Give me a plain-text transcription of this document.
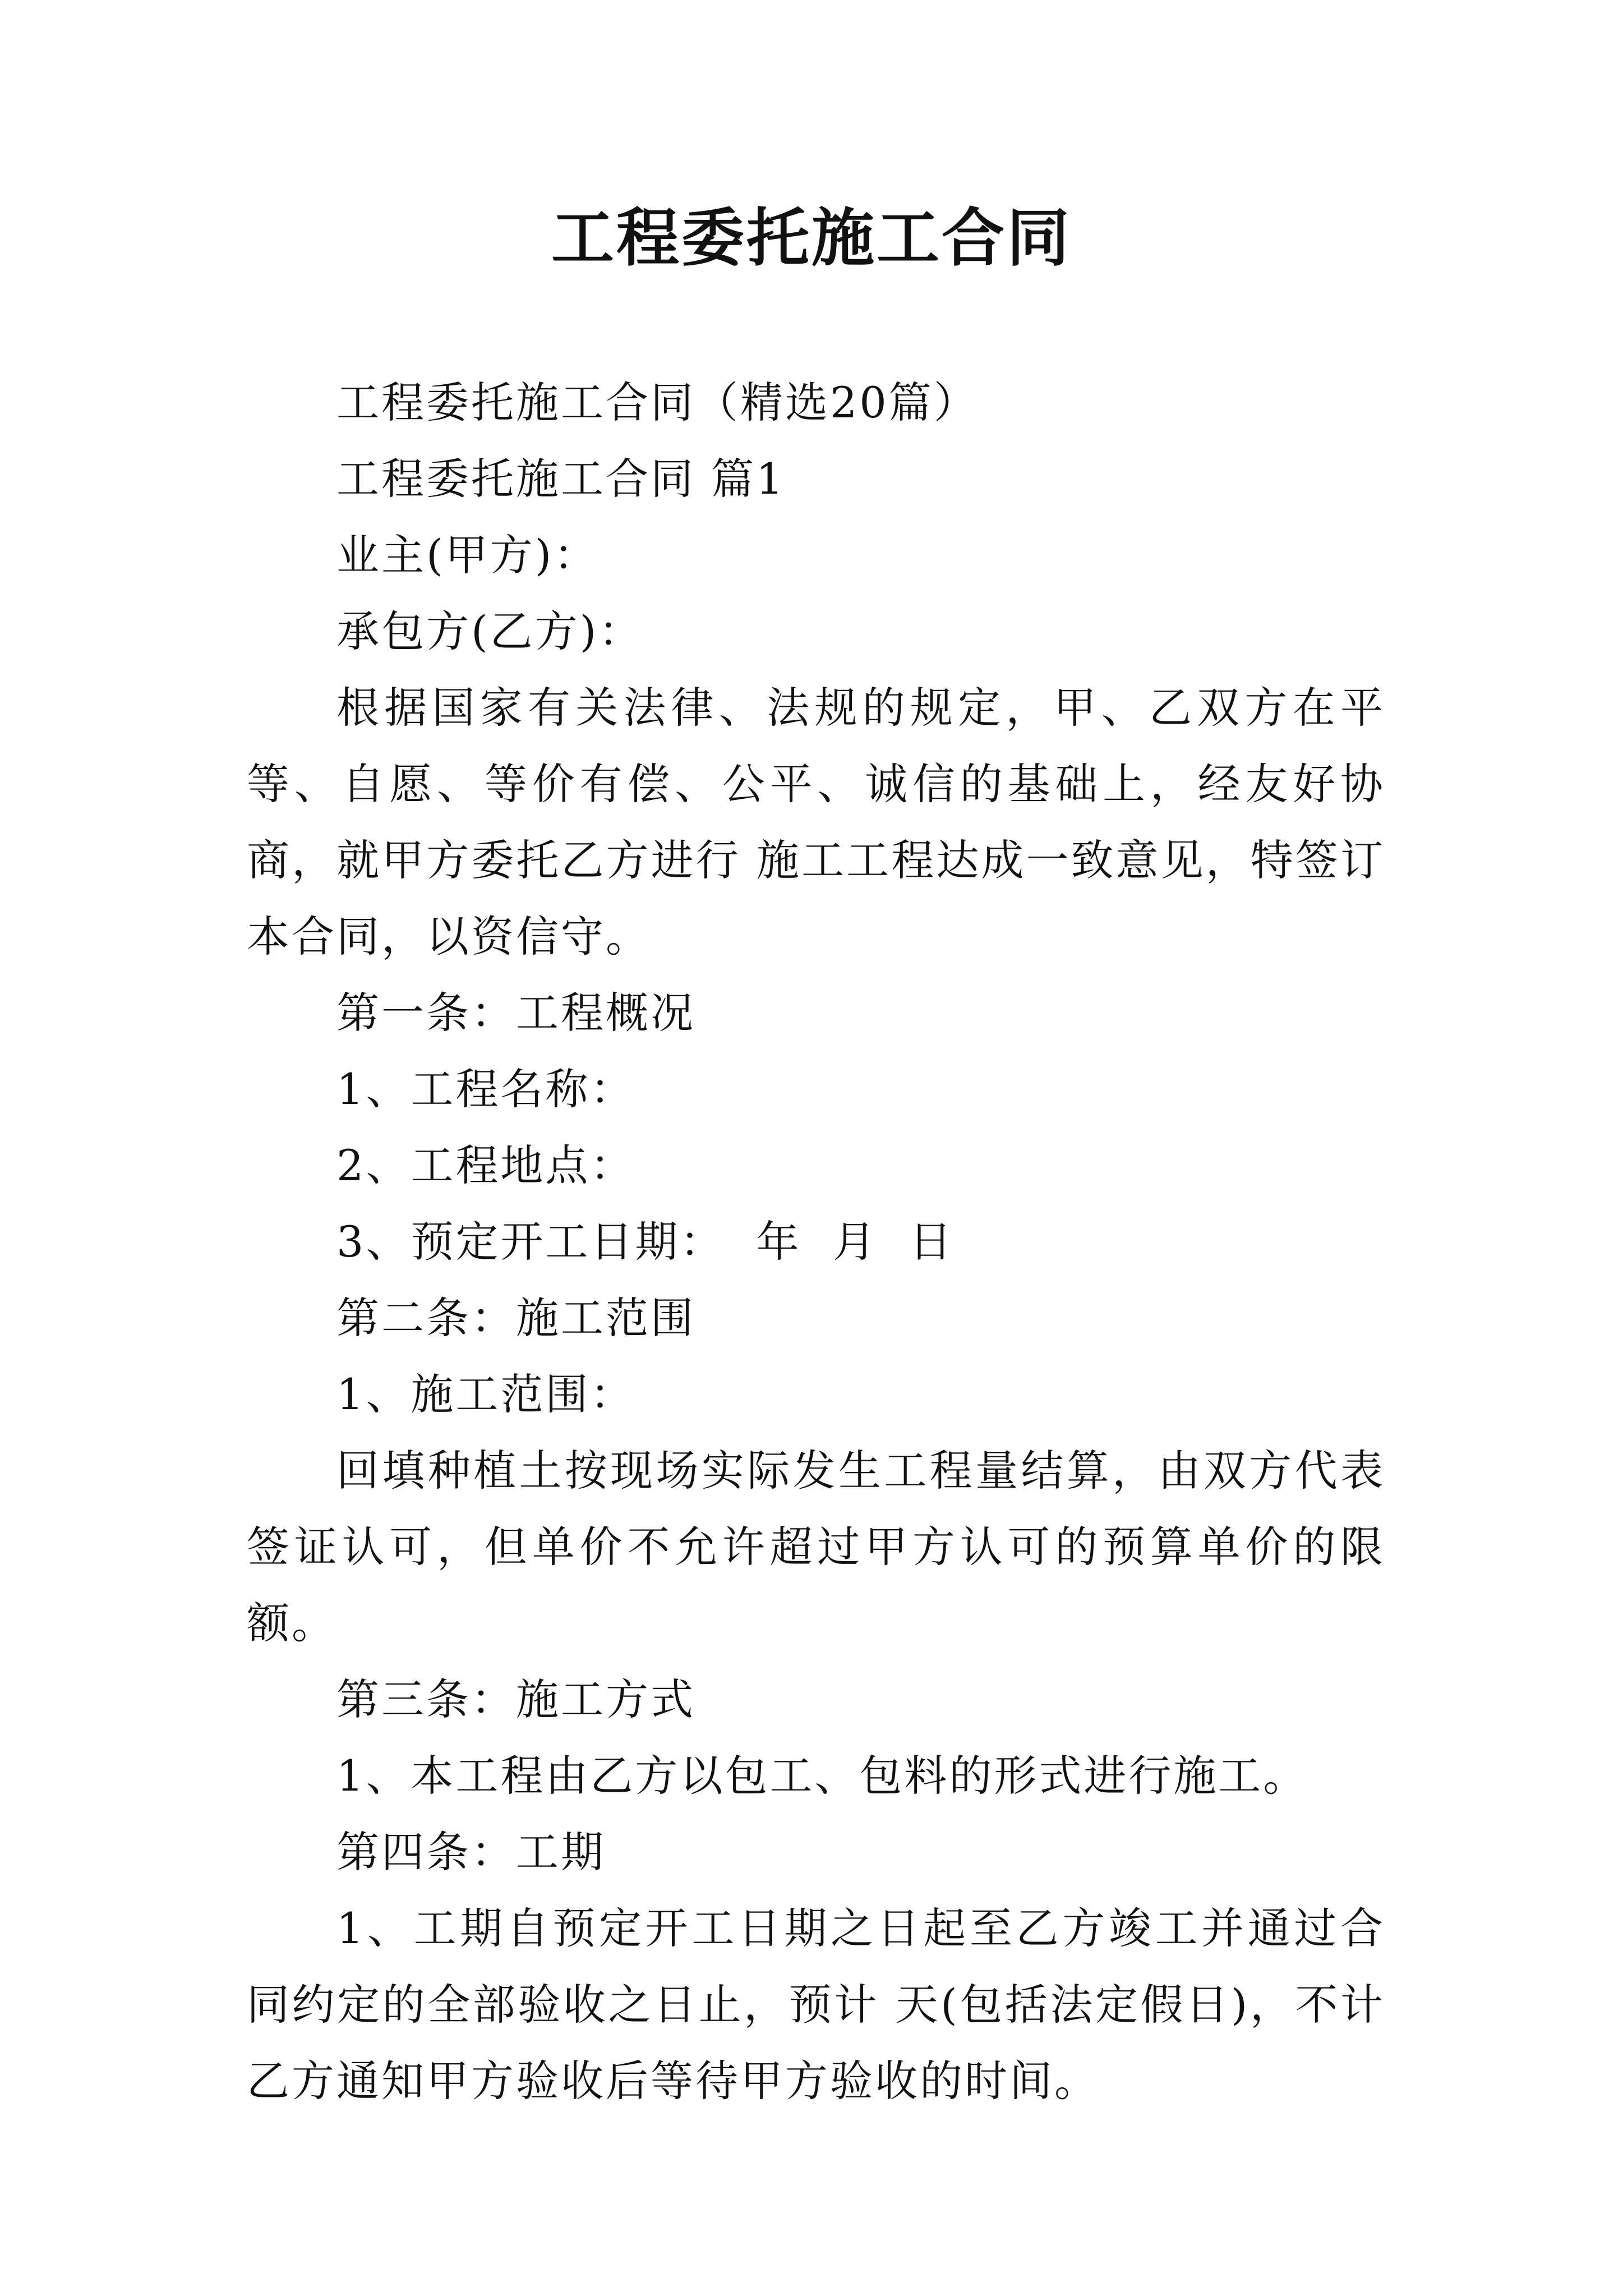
工程委托施工合同

工程委托施工合同（精选20篇）

工程委托施工合同 篇1

业主(甲方)：

承包方(乙方)：

根据国家有关法律、法规的规定，甲、乙双方在平等、自愿、等价有偿、公平、诚信的基础上，经友好协商，就甲方委托乙方进行 施工工程达成一致意见，特签订本合同，以资信守。

第一条：工程概况

1、工程名称：

2、工程地点：

3、预定开工日期：  年  月  日

第二条：施工范围

1、施工范围：

回填种植土按现场实际发生工程量结算，由双方代表签证认可，但单价不允许超过甲方认可的预算单价的限额。

第三条：施工方式

1、本工程由乙方以包工、包料的形式进行施工。

第四条：工期

1、工期自预定开工日期之日起至乙方竣工并通过合同约定的全部验收之日止，预计 天(包括法定假日)，不计乙方通知甲方验收后等待甲方验收的时间。
